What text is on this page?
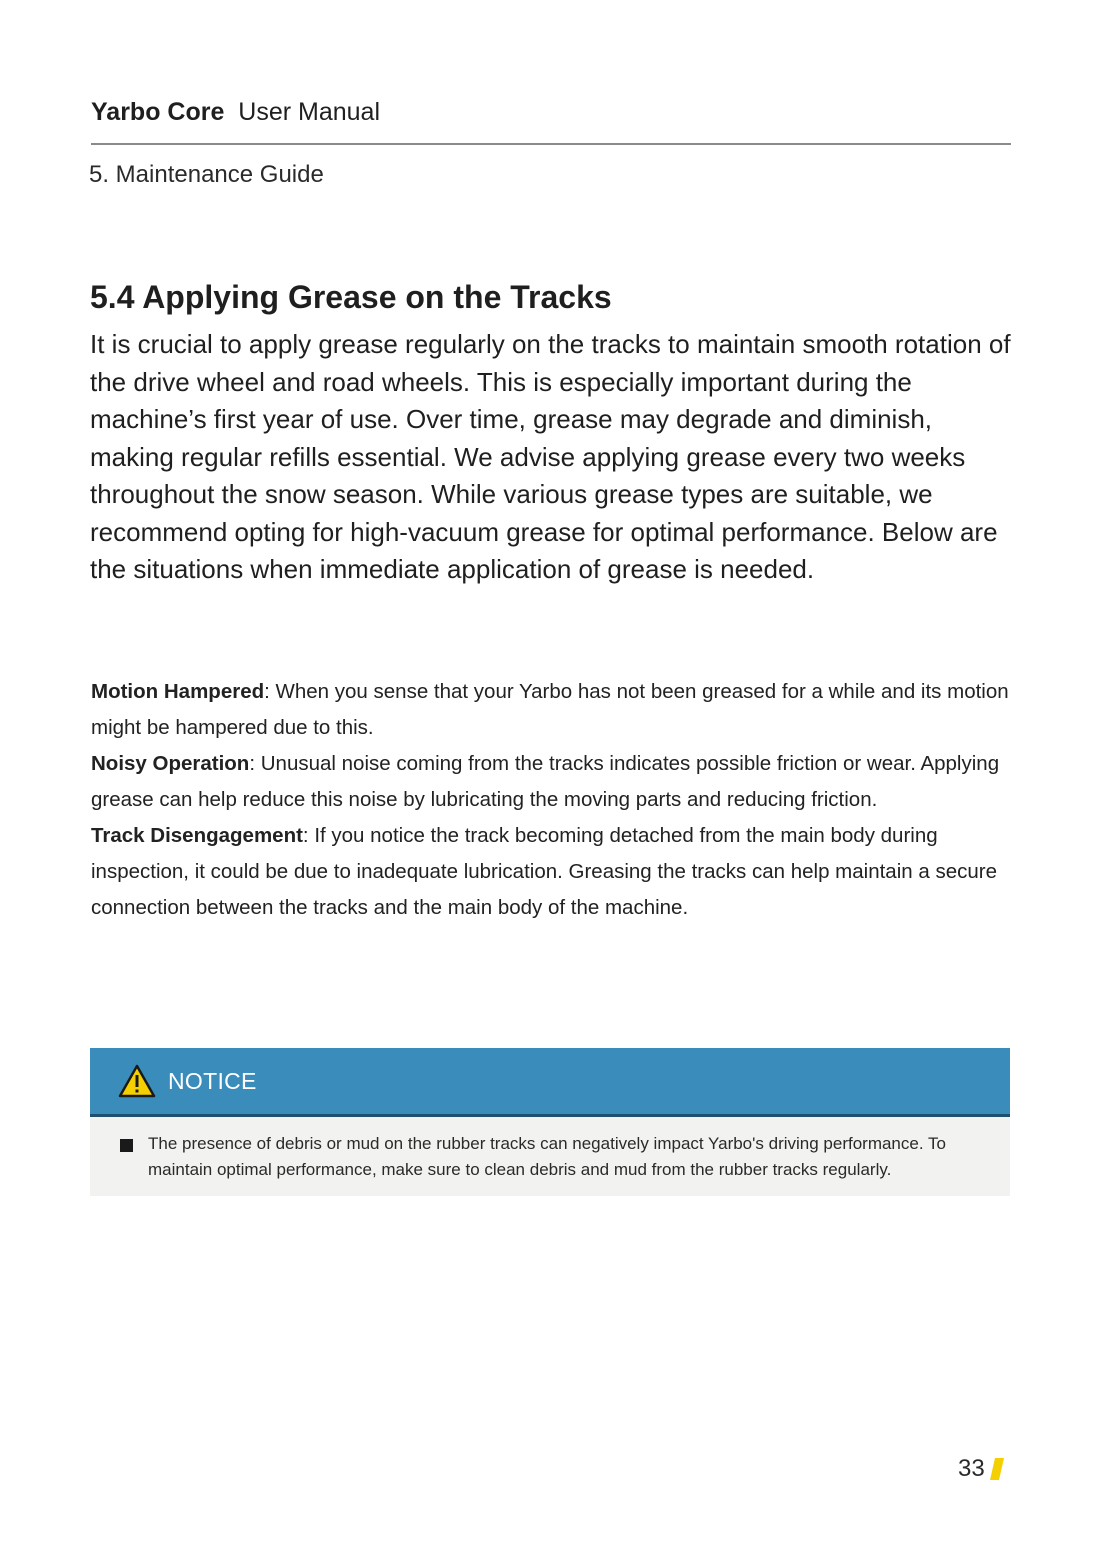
Yarbo Core User Manual
5. Maintenance Guide
5.4 Applying Grease on the Tracks

It is crucial to apply grease regularly on the tracks to maintain smooth rotation of the drive wheel and road wheels. This is especially important during the machine’s first year of use. Over time, grease may degrade and diminish, making regular refills essential. We advise applying grease every two weeks throughout the snow season. While various grease types are suitable, we recommend opting for high-vacuum grease for optimal performance. Below are the situations when immediate application of grease is needed.

Motion Hampered: When you sense that your Yarbo has not been greased for a while and its motion might be hampered due to this.
Noisy Operation: Unusual noise coming from the tracks indicates possible friction or wear. Applying grease can help reduce this noise by lubricating the moving parts and reducing friction.
Track Disengagement: If you notice the track becoming detached from the main body during inspection, it could be due to inadequate lubrication. Greasing the tracks can help maintain a secure connection between the tracks and the main body of the machine.

NOTICE
The presence of debris or mud on the rubber tracks can negatively impact Yarbo's driving performance. To maintain optimal performance, make sure to clean debris and mud from the rubber tracks regularly.
33
